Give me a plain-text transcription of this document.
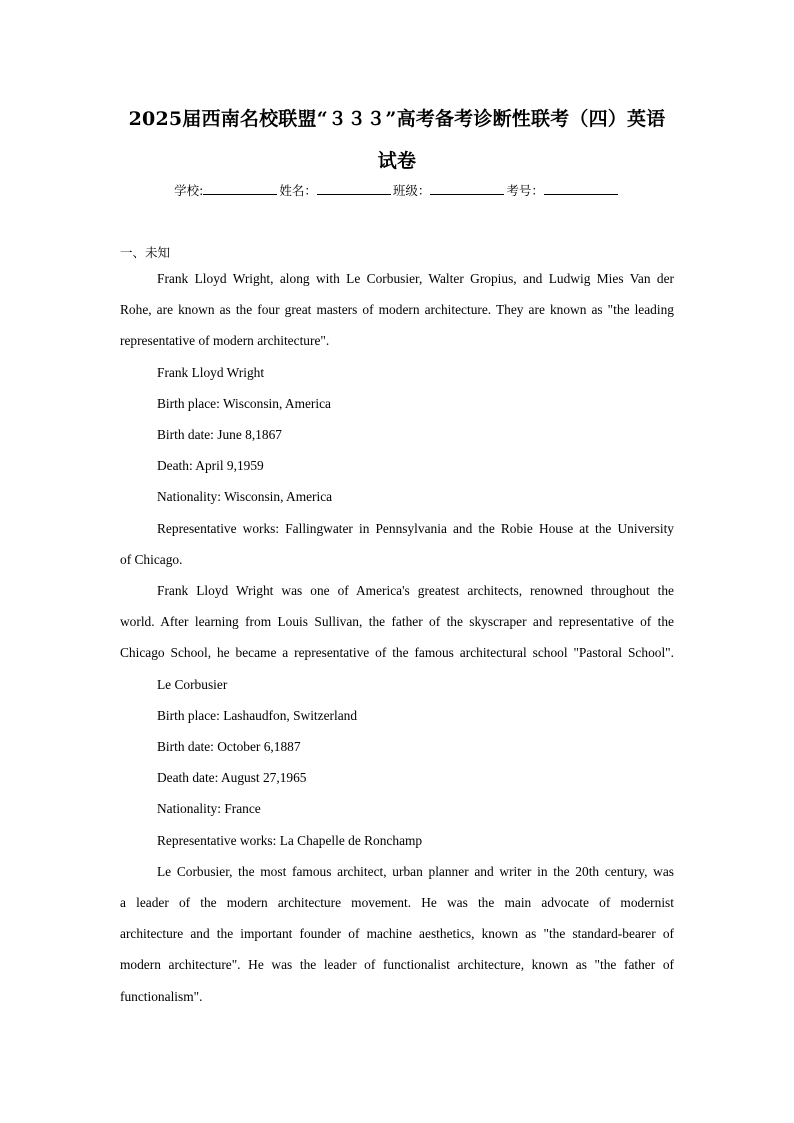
2025届西南名校联盟“３３３”高考备考诊断性联考（四）英语
试卷
学校:	姓名：	班级：	考号：
一、未知
Frank Lloyd Wright, along with Le Corbusier, Walter Gropius, and Ludwig Mies Van der
Rohe, are known as the four great masters of modern architecture. They are known as "the leading
representative of modern architecture".
Frank Lloyd Wright
Birth place: Wisconsin, America
Birth date: June 8,1867
Death: April 9,1959
Nationality: Wisconsin, America
Representative works: Fallingwater in Pennsylvania and the Robie House at the University
of Chicago.
Frank Lloyd Wright was one of America's greatest architects, renowned throughout the
world. After learning from Louis Sullivan, the father of the skyscraper and representative of the
Chicago School, he became a representative of the famous architectural school "Pastoral School".
Le Corbusier
Birth place: Lashaudfon, Switzerland
Birth date: October 6,1887
Death date: August 27,1965
Nationality: France
Representative works: La Chapelle de Ronchamp
Le Corbusier, the most famous architect, urban planner and writer in the 20th century, was
a leader of the modern architecture movement. He was the main advocate of modernist
architecture and the important founder of machine aesthetics, known as "the standard-bearer of
modern architecture". He was the leader of functionalist architecture, known as "the father of
functionalism".
